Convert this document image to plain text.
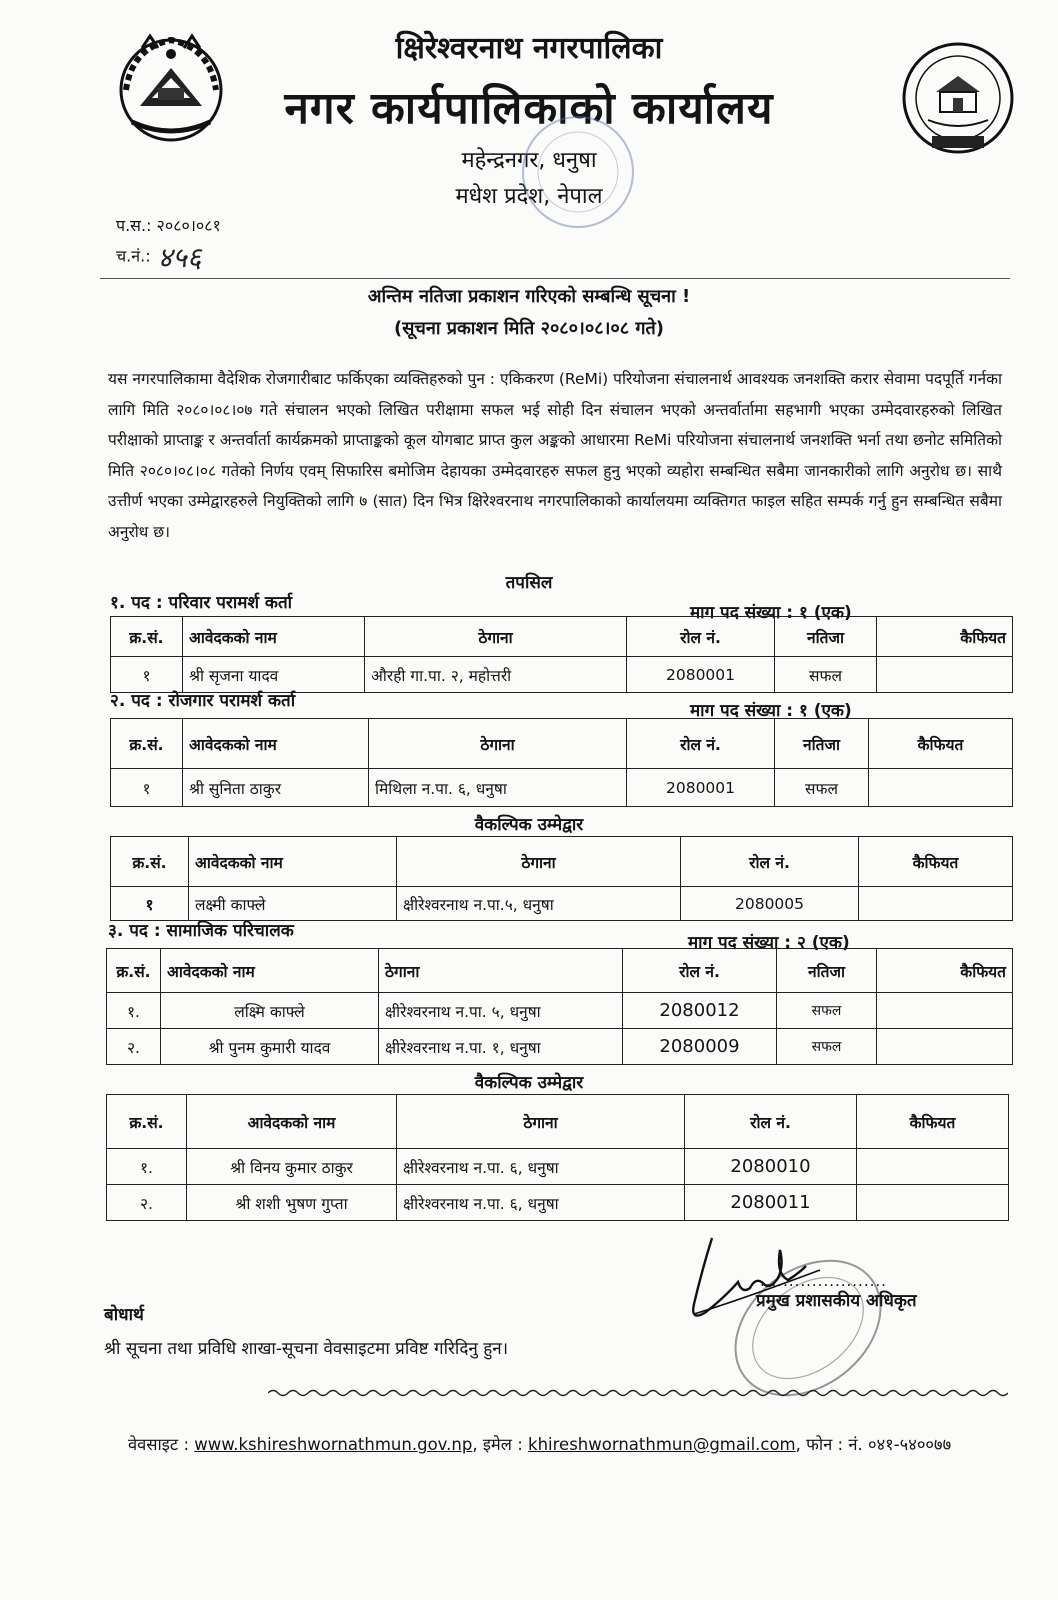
क्षिरेश्वरनाथ नगरपालिका
नगर कार्यपालिकाको कार्यालय
महेन्द्रनगर, धनुषा
मधेश प्रदेश, नेपाल
प.स.: २०८०।०८१
च.नं.: ४५६
अन्तिम नतिजा प्रकाशन गरिएको सम्बन्धि सूचना !
(सूचना प्रकाशन मिति २०८०।०८।०८ गते)
यस नगरपालिकामा वैदेशिक रोजगारीबाट फर्किएका व्यक्तिहरुको पुन : एकिकरण (ReMi) परियोजना संचालनार्थ आवश्यक जनशक्ति करार सेवामा पदपूर्ति गर्नका लागि मिति २०८०।०८।०७ गते संचालन भएको लिखित परीक्षामा सफल भई सोही दिन संचालन भएको अन्तर्वार्तामा सहभागी भएका उम्मेदवारहरुको लिखित परीक्षाको प्राप्ताङ्क र अन्तर्वार्ता कार्यक्रमको प्राप्ताङ्कको कूल योगबाट प्राप्त कुल अङ्कको आधारमा ReMi परियोजना संचालनार्थ जनशक्ति भर्ना तथा छनोट समितिको मिति २०८०।०८।०८ गतेको निर्णय एवम् सिफारिस बमोजिम देहायका उम्मेदवारहरु सफल हुनु भएको व्यहोरा सम्बन्धित सबैमा जानकारीको लागि अनुरोध छ। साथै उत्तीर्ण भएका उम्मेद्वारहरुले नियुक्तिको लागि ७ (सात) दिन भित्र क्षिरेश्वरनाथ नगरपालिकाको कार्यालयमा व्यक्तिगत फाइल सहित सम्पर्क गर्नु हुन सम्बन्धित सबैमा अनुरोध छ।
तपसिल
१. पद : परिवार परामर्श कर्ता	माग पद संख्या : १ (एक)
क्र.सं.	आवेदकको नाम	ठेगाना	रोल नं.	नतिजा	कैफियत
१	श्री सृजना यादव	औरही गा.पा. २, महोत्तरी	2080001	सफल	
२. पद : रोजगार परामर्श कर्ता	माग पद संख्या : १ (एक)
क्र.सं.	आवेदकको नाम	ठेगाना	रोल नं.	नतिजा	कैफियत
१	श्री सुनिता ठाकुर	मिथिला न.पा. ६, धनुषा	2080001	सफल	
वैकल्पिक उम्मेद्वार
क्र.सं.	आवेदकको नाम	ठेगाना	रोल नं.	कैफियत
१	लक्ष्मी काफ्ले	क्षीरेश्वरनाथ न.पा.५, धनुषा	2080005	
३. पद : सामाजिक परिचालक
माग पद संख्या : २ (एक)
क्र.सं.	आवेदकको नाम	ठेगाना	रोल नं.	नतिजा	कैफियत
१.	लक्ष्मि काफ्ले	क्षीरेश्वरनाथ न.पा. ५, धनुषा	2080012	सफल	
२.	श्री पुनम कुमारी यादव	क्षीरेश्वरनाथ न.पा. १, धनुषा	2080009	सफल	
वैकल्पिक उम्मेद्वार
क्र.सं.	आवेदकको नाम	ठेगाना	रोल नं.	कैफियत
१.	श्री विनय कुमार ठाकुर	क्षीरेश्वरनाथ न.पा. ६, धनुषा	2080010	
२.	श्री शशी भुषण गुप्ता	क्षीरेश्वरनाथ न.पा. ६, धनुषा	2080011	
......................
प्रमुख प्रशासकीय अधिकृत
बोधार्थ
श्री सूचना तथा प्रविधि शाखा-सूचना वेवसाइटमा प्रविष्ट गरिदिनु हुन।
वेवसाइट : www.kshireshwornathmun.gov.np, इमेल : khireshwornathmun@gmail.com, फोन : नं. ०४१-५४००७७
